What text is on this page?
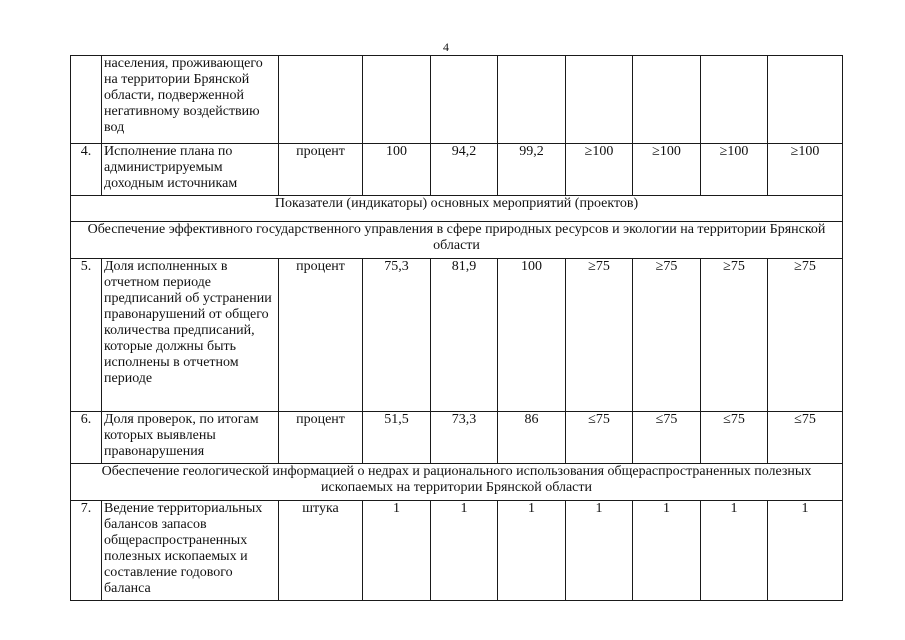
4
	населения, проживающего на территории Брянской области, подверженной негативному воздействию вод								
4.	Исполнение плана по администрируемым доходным источникам	процент	100	94,2	99,2	≥100	≥100	≥100	≥100
Показатели (индикаторы) основных мероприятий (проектов)									
Обеспечение эффективного государственного управления в сфере природных ресурсов и экологии на территории Брянской области									
5.	Доля исполненных в отчетном периоде предписаний об устранении правонарушений от общего количества предписаний, которые должны быть исполнены в отчетном периоде	процент	75,3	81,9	100	≥75	≥75	≥75	≥75
6.	Доля проверок, по итогам которых выявлены правонарушения	процент	51,5	73,3	86	≤75	≤75	≤75	≤75
Обеспечение геологической информацией о недрах и рационального использования общераспространенных полезных ископаемых на территории Брянской области									
7.	Ведение территориальных балансов запасов общераспространенных полезных ископаемых и составление годового баланса	штука	1	1	1	1	1	1	1
